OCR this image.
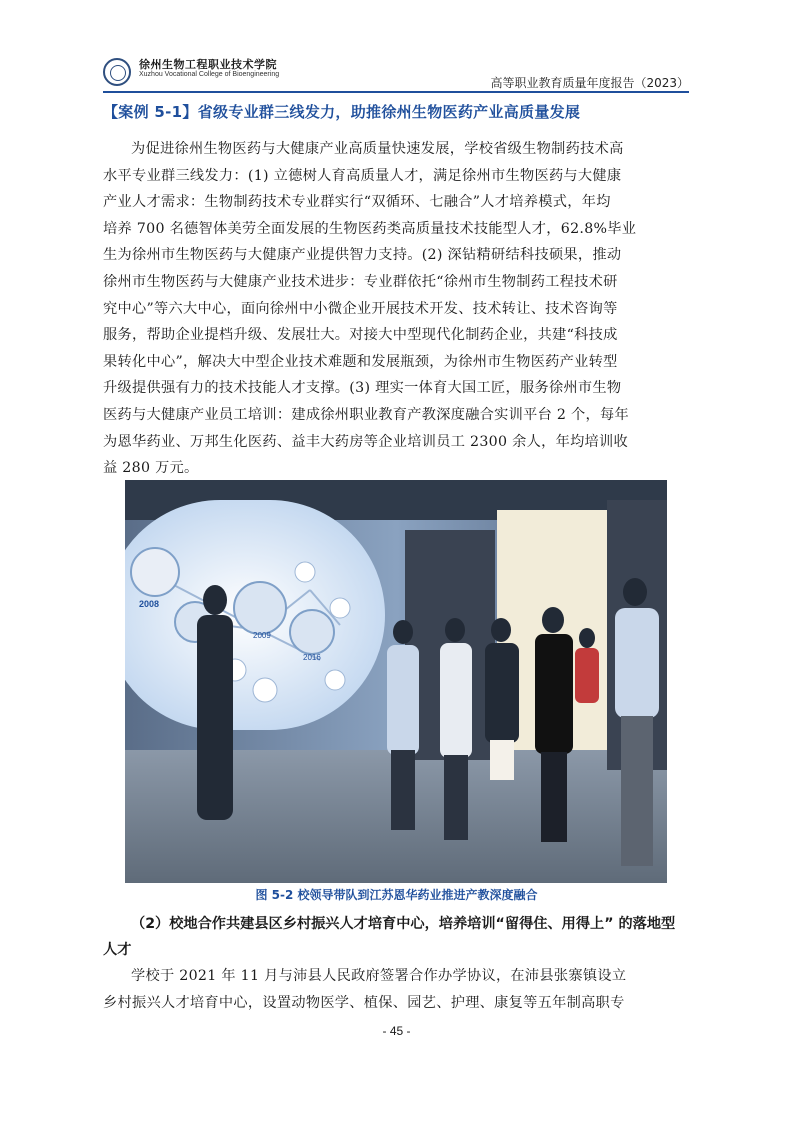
徐州生物工程职业技术学院
Xuzhou Vocational College of Bioengineering
高等职业教育质量年度报告（2023）
【案例 5-1】省级专业群三线发力，助推徐州生物医药产业高质量发展
为促进徐州生物医药与大健康产业高质量快速发展，学校省级生物制药技术高
水平专业群三线发力：(1) 立德树人育高质量人才，满足徐州市生物医药与大健康
产业人才需求：生物制药技术专业群实行“双循环、七融合”人才培养模式，年均
培养 700 名德智体美劳全面发展的生物医药类高质量技术技能型人才，62.8%毕业
生为徐州市生物医药与大健康产业提供智力支持。(2) 深钻精研结科技硕果，推动
徐州市生物医药与大健康产业技术进步：专业群依托“徐州市生物制药工程技术研
究中心”等六大中心，面向徐州中小微企业开展技术开发、技术转让、技术咨询等
服务，帮助企业提档升级、发展壮大。对接大中型现代化制药企业，共建“科技成
果转化中心”，解决大中型企业技术难题和发展瓶颈，为徐州市生物医药产业转型
升级提供强有力的技术技能人才支撑。(3) 理实一体育大国工匠，服务徐州市生物
医药与大健康产业员工培训：建成徐州职业教育产教深度融合实训平台 2 个，每年
为恩华药业、万邦生化医药、益丰大药房等企业培训员工 2300 余人，年均培训收
益 280 万元。
2008
2009
2016
图 5-2 校领导带队到江苏恩华药业推进产教深度融合
（2）校地合作共建县区乡村振兴人才培育中心，培养培训“留得住、用得上” 的落地型人才
学校于 2021 年 11 月与沛县人民政府签署合作办学协议，在沛县张寨镇设立
乡村振兴人才培育中心，设置动物医学、植保、园艺、护理、康复等五年制高职专
- 45 -
